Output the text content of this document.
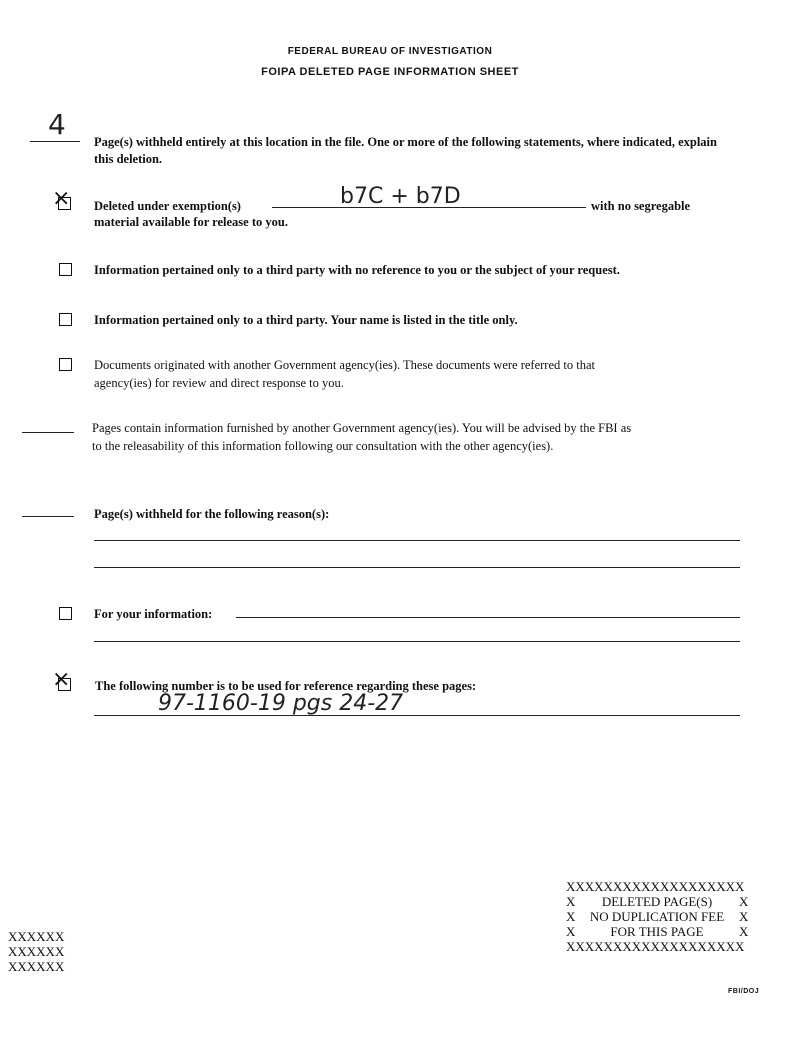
FEDERAL BUREAU OF INVESTIGATION
FOIPA DELETED PAGE INFORMATION SHEET
4
Page(s) withheld entirely at this location in the file. One or more of the following statements, where indicated, explain this deletion.
⨯ Deleted under exemption(s)	b7C + b7D	with no segregable
material available for release to you.
Information pertained only to a third party with no reference to you or the subject of your request.
Information pertained only to a third party. Your name is listed in the title only.
Documents originated with another Government agency(ies). These documents were referred to that
agency(ies) for review and direct response to you.
Pages contain information furnished by another Government agency(ies). You will be advised by the FBI as
to the releasability of this information following our consultation with the other agency(ies).
Page(s) withheld for the following reason(s):
For your information:
⨯ The following number is to be used for reference regarding these pages:
97-1160-19 pgs 24-27
XXXXXXXXXXXXXXXXXXX
X	DELETED PAGE(S)	X
X	NO DUPLICATION FEE	X
X	FOR THIS PAGE	X
XXXXXXXXXXXXXXXXXXX
XXXXXX
XXXXXX
XXXXXX
FBI/DOJ
